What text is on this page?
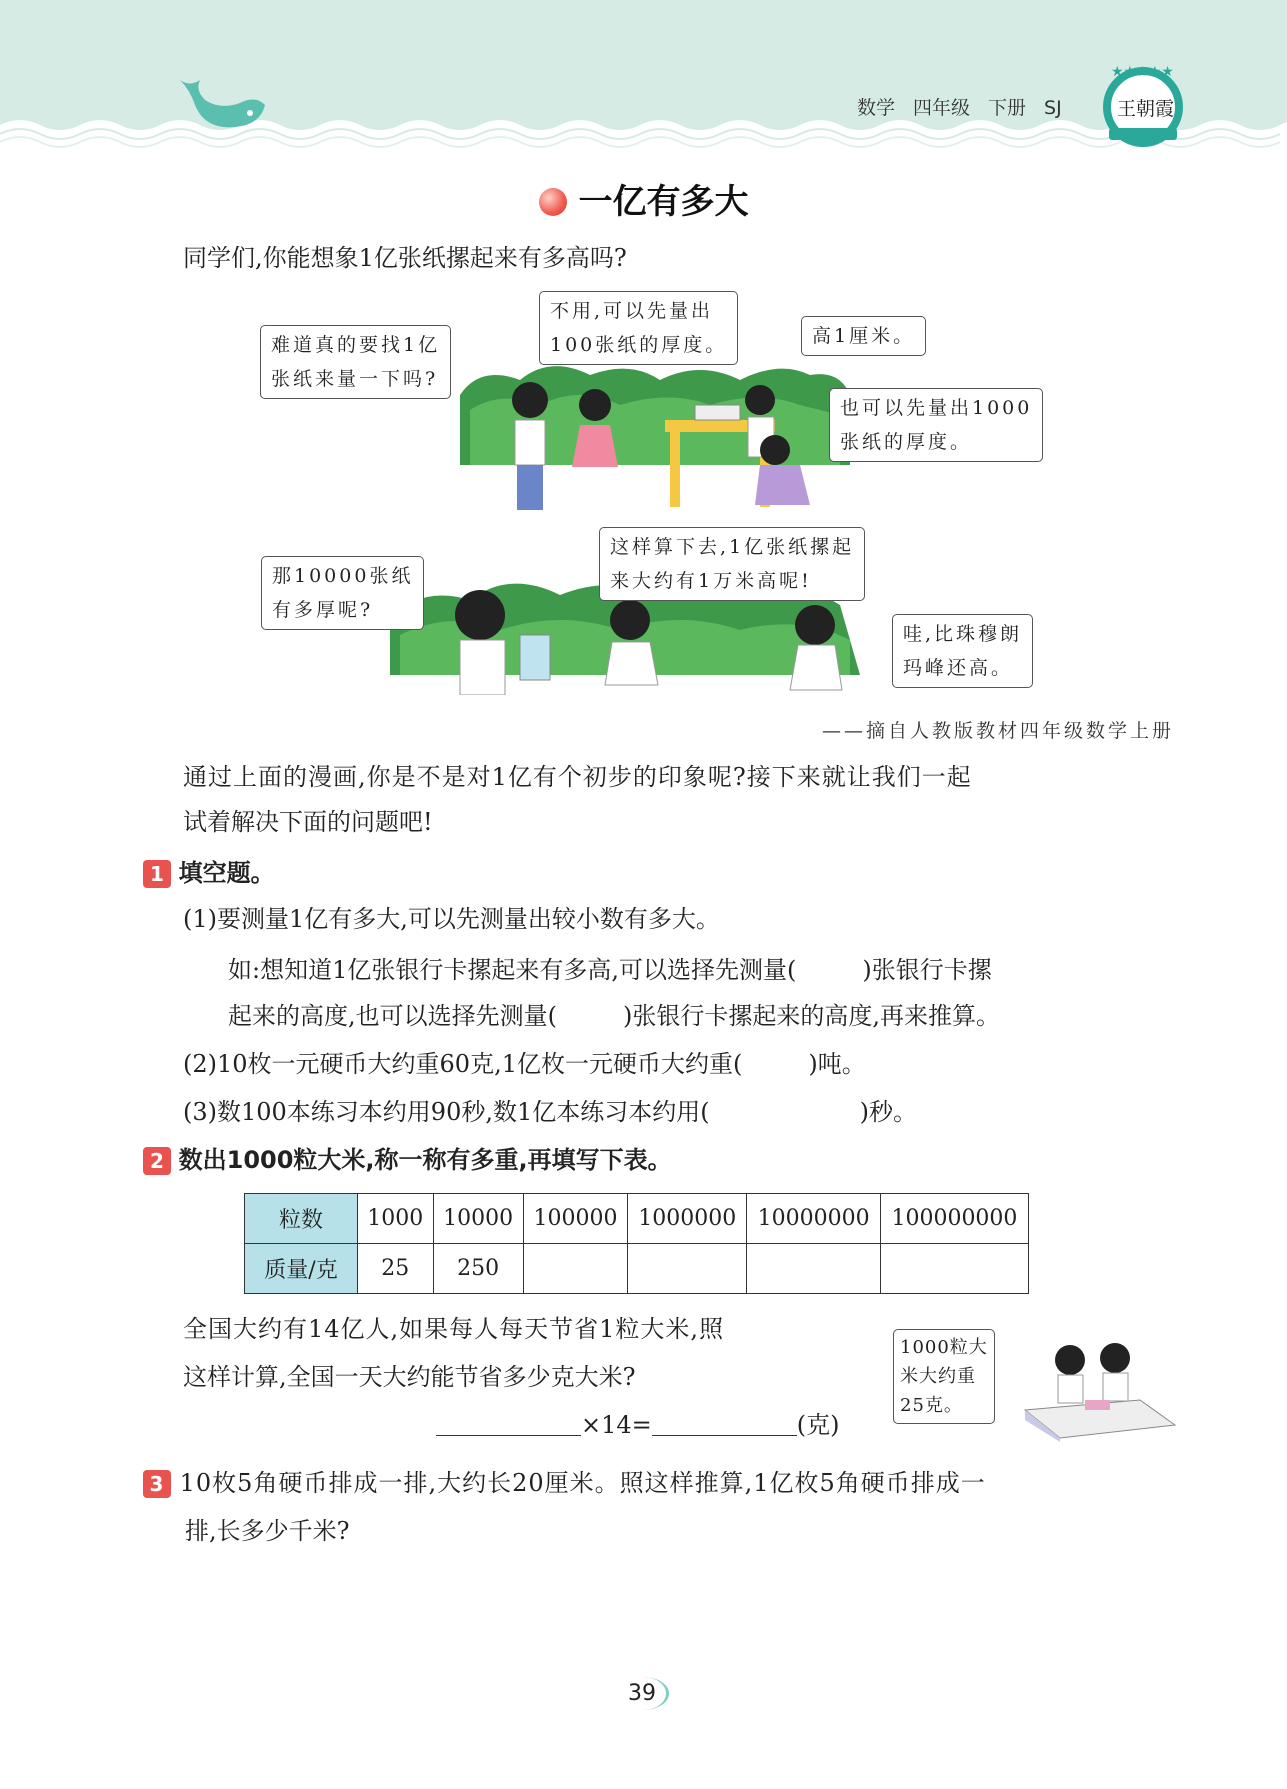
数学 四年级 下册 SJ
★★★★★
王朝霞
一亿有多大
同学们,你能想象1亿张纸摞起来有多高吗?
难道真的要找1亿
张纸来量一下吗?
不用,可以先量出
100张纸的厚度。	高1厘米。
也可以先量出1000
张纸的厚度。
那10000张纸
有多厚呢?
这样算下去,1亿张纸摞起
来大约有1万米高呢!
哇,比珠穆朗
玛峰还高。
——摘自人教版教材四年级数学上册
通过上面的漫画,你是不是对1亿有个初步的印象呢?接下来就让我们一起
试着解决下面的问题吧!
1 填空题。
(1)要测量1亿有多大,可以先测量出较小数有多大。
如:想知道1亿张银行卡摞起来有多高,可以选择先测量(	)张银行卡摞
起来的高度,也可以选择先测量(	)张银行卡摞起来的高度,再来推算。
(2)10枚一元硬币大约重60克,1亿枚一元硬币大约重(	)吨。
(3)数100本练习本约用90秒,数1亿本练习本约用(	)秒。
2 数出1000粒大米,称一称有多重,再填写下表。
粒数	1000	10000	100000	1000000	10000000	100000000
质量/克	25	250				
全国大约有14亿人,如果每人每天节省1粒大米,照
这样计算,全国一天大约能节省多少克大米?
×14=	(克)
1000粒大
米大约重
25克。
3 10枚5角硬币排成一排,大约长20厘米。照这样推算,1亿枚5角硬币排成一
排,长多少千米?
39
